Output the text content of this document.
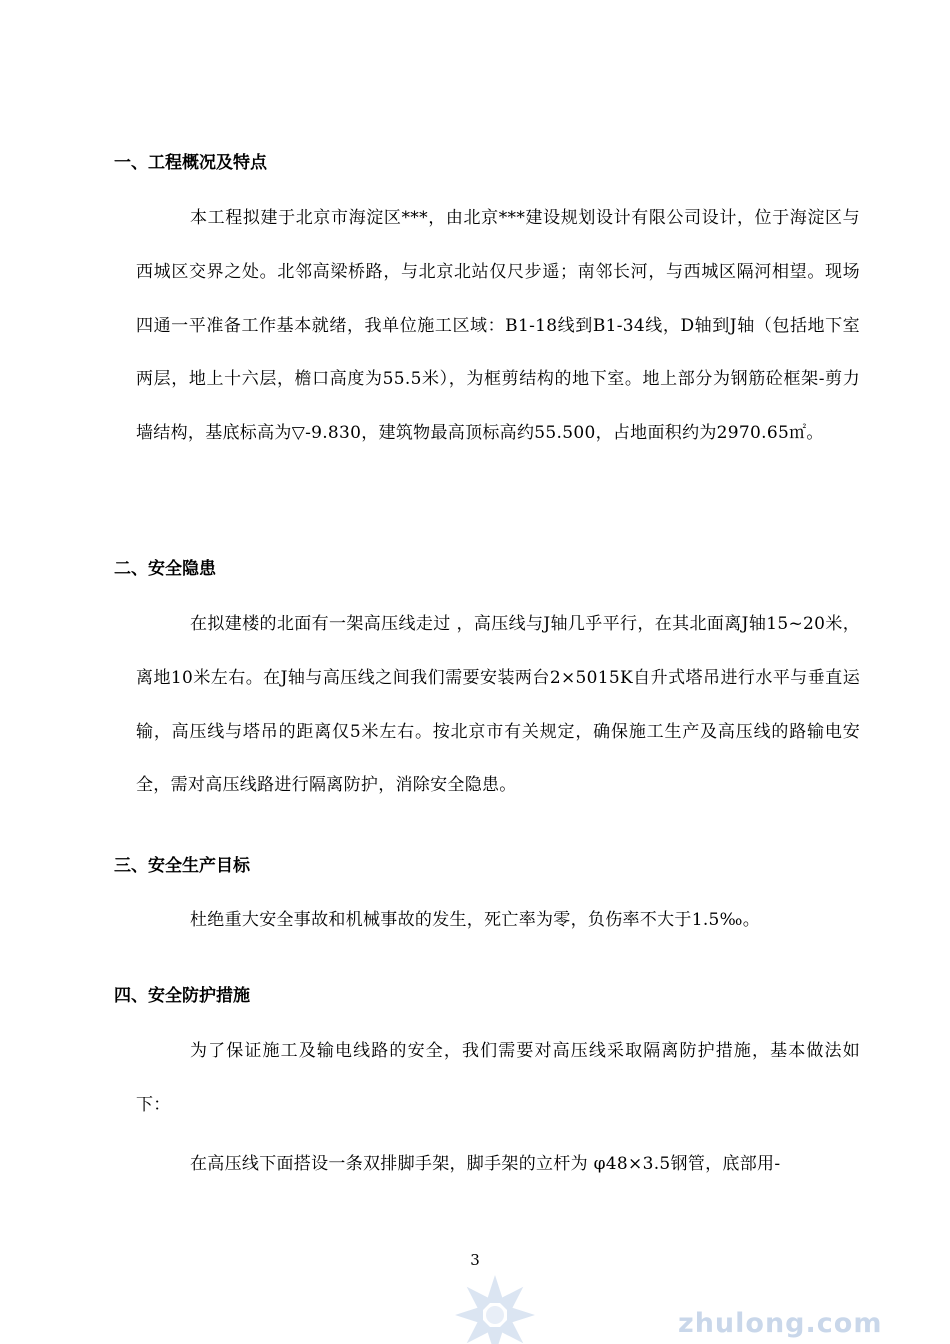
一、工程概况及特点

本工程拟建于北京市海淀区***，由北京***建设规划设计有限公司设计，位于海淀区与西城区交界之处。北邻高梁桥路，与北京北站仅尺步遥；南邻长河，与西城区隔河相望。现场四通一平准备工作基本就绪，我单位施工区域：B1-18线到B1-34线，D轴到J轴（包括地下室两层，地上十六层，檐口高度为55.5米），为框剪结构的地下室。地上部分为钢筋砼框架-剪力墙结构，基底标高为▽-9.830，建筑物最高顶标高约55.500，占地面积约为2970.65㎡。

二、安全隐患

在拟建楼的北面有一架高压线走过 ，高压线与J轴几乎平行，在其北面离J轴15~20米，离地10米左右。在J轴与高压线之间我们需要安装两台2×5015K自升式塔吊进行水平与垂直运输，高压线与塔吊的距离仅5米左右。按北京市有关规定，确保施工生产及高压线的路输电安全，需对高压线路进行隔离防护，消除安全隐患。

三、安全生产目标

杜绝重大安全事故和机械事故的发生，死亡率为零，负伤率不大于1.5‰。

四、安全防护措施

为了保证施工及输电线路的安全，我们需要对高压线采取隔离防护措施，基本做法如下：

在高压线下面搭设一条双排脚手架，脚手架的立杆为 φ48×3.5钢管，底部用-

3
zhulong.com
